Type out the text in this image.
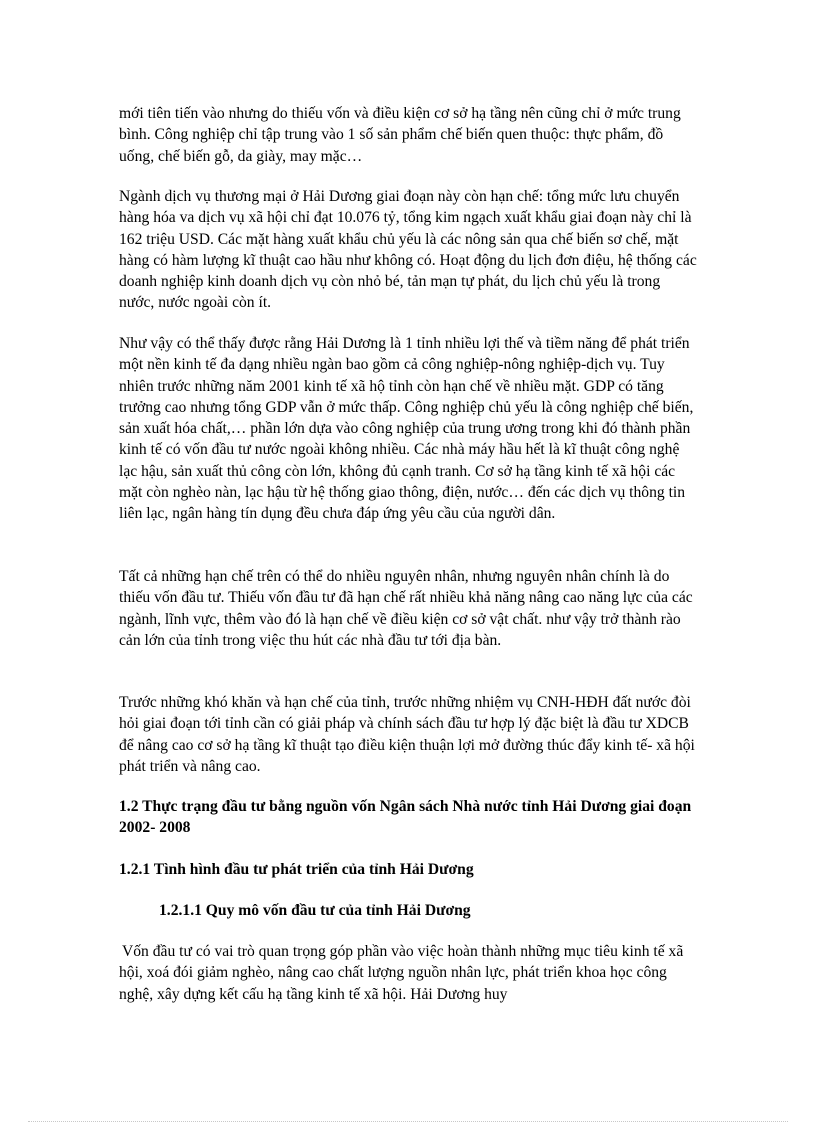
mới tiên tiến vào nhưng do thiếu vốn và điều kiện cơ sở hạ tầng nên cũng chỉ ở mức trung bình. Công nghiệp chỉ tập trung vào 1 số sản phẩm chế biến quen thuộc: thực phẩm, đồ uống, chế biến gỗ, da giày, may mặc…

Ngành dịch vụ thương mại ở Hải Dương giai đoạn này còn hạn chế: tổng mức lưu chuyển hàng hóa va dịch vụ xã hội chỉ đạt 10.076 tỷ, tổng kim ngạch xuất khẩu giai đoạn này chỉ là 162 triệu USD. Các mặt hàng xuất khẩu chủ yếu là các nông sản qua chế biến sơ chế, mặt hàng có hàm lượng kĩ thuật cao hầu như không có. Hoạt động du lịch đơn điệu, hệ thống các doanh nghiệp kinh doanh dịch vụ còn nhỏ bé, tản mạn tự phát, du lịch chủ yếu là trong nước, nước ngoài còn ít.

Như vậy có thể thấy được rằng Hải Dương là 1 tỉnh nhiều lợi thế và tiềm năng để phát triển một nền kinh tế đa dạng nhiều ngàn bao gồm cả công nghiệp-nông nghiệp-dịch vụ. Tuy nhiên trước những năm 2001 kinh tế xã hộ tỉnh còn hạn chế về nhiều mặt. GDP có tăng trưởng cao nhưng tổng GDP vẫn ở mức thấp. Công nghiệp chủ yếu là công nghiệp chế biến, sản xuất hóa chất,… phần lớn dựa vào công nghiệp của trung ương trong khi đó thành phần kinh tế có vốn đầu tư nước ngoài không nhiều. Các nhà máy hầu hết là kĩ thuật công nghệ lạc hậu, sản xuất thủ công còn lớn, không đủ cạnh tranh. Cơ sở hạ tầng kinh tế xã hội các mặt còn nghèo nàn, lạc hậu từ hệ thống giao thông, điện, nước… đến các dịch vụ thông tin liên lạc, ngân hàng tín dụng đều chưa đáp ứng yêu cầu của người dân.

Tất cả những hạn chế trên có thể do nhiều nguyên nhân, nhưng nguyên nhân chính là do thiếu vốn đầu tư. Thiếu vốn đầu tư đã hạn chế rất nhiều khả năng nâng cao năng lực của các ngành, lĩnh vực, thêm vào đó là hạn chế về điều kiện cơ sở vật chất. như vậy trở thành rào cản lớn của tỉnh trong việc thu hút các nhà đầu tư tới địa bàn.

Trước những khó khăn và hạn chế của tỉnh, trước những nhiệm vụ CNH-HĐH đất nước đòi hỏi giai đoạn tới tỉnh cần có giải pháp và chính sách đầu tư hợp lý đặc biệt là đầu tư XDCB để nâng cao cơ sở hạ tầng kĩ thuật tạo điều kiện thuận lợi mở đường thúc đẩy kinh tế- xã hội phát triển và nâng cao.

1.2 Thực trạng đầu tư bằng nguồn vốn Ngân sách Nhà nước tỉnh Hải Dương giai đoạn 2002- 2008
1.2.1 Tình hình đầu tư phát triển của tỉnh Hải Dương
1.2.1.1 Quy mô vốn đầu tư của tỉnh Hải Dương

Vốn đầu tư có vai trò quan trọng góp phần vào việc hoàn thành những mục tiêu kinh tế xã hội, xoá đói giảm nghèo, nâng cao chất lượng nguồn nhân lực, phát triển khoa học công nghệ, xây dựng kết cấu hạ tầng kinh tế xã hội. Hải Dương huy
